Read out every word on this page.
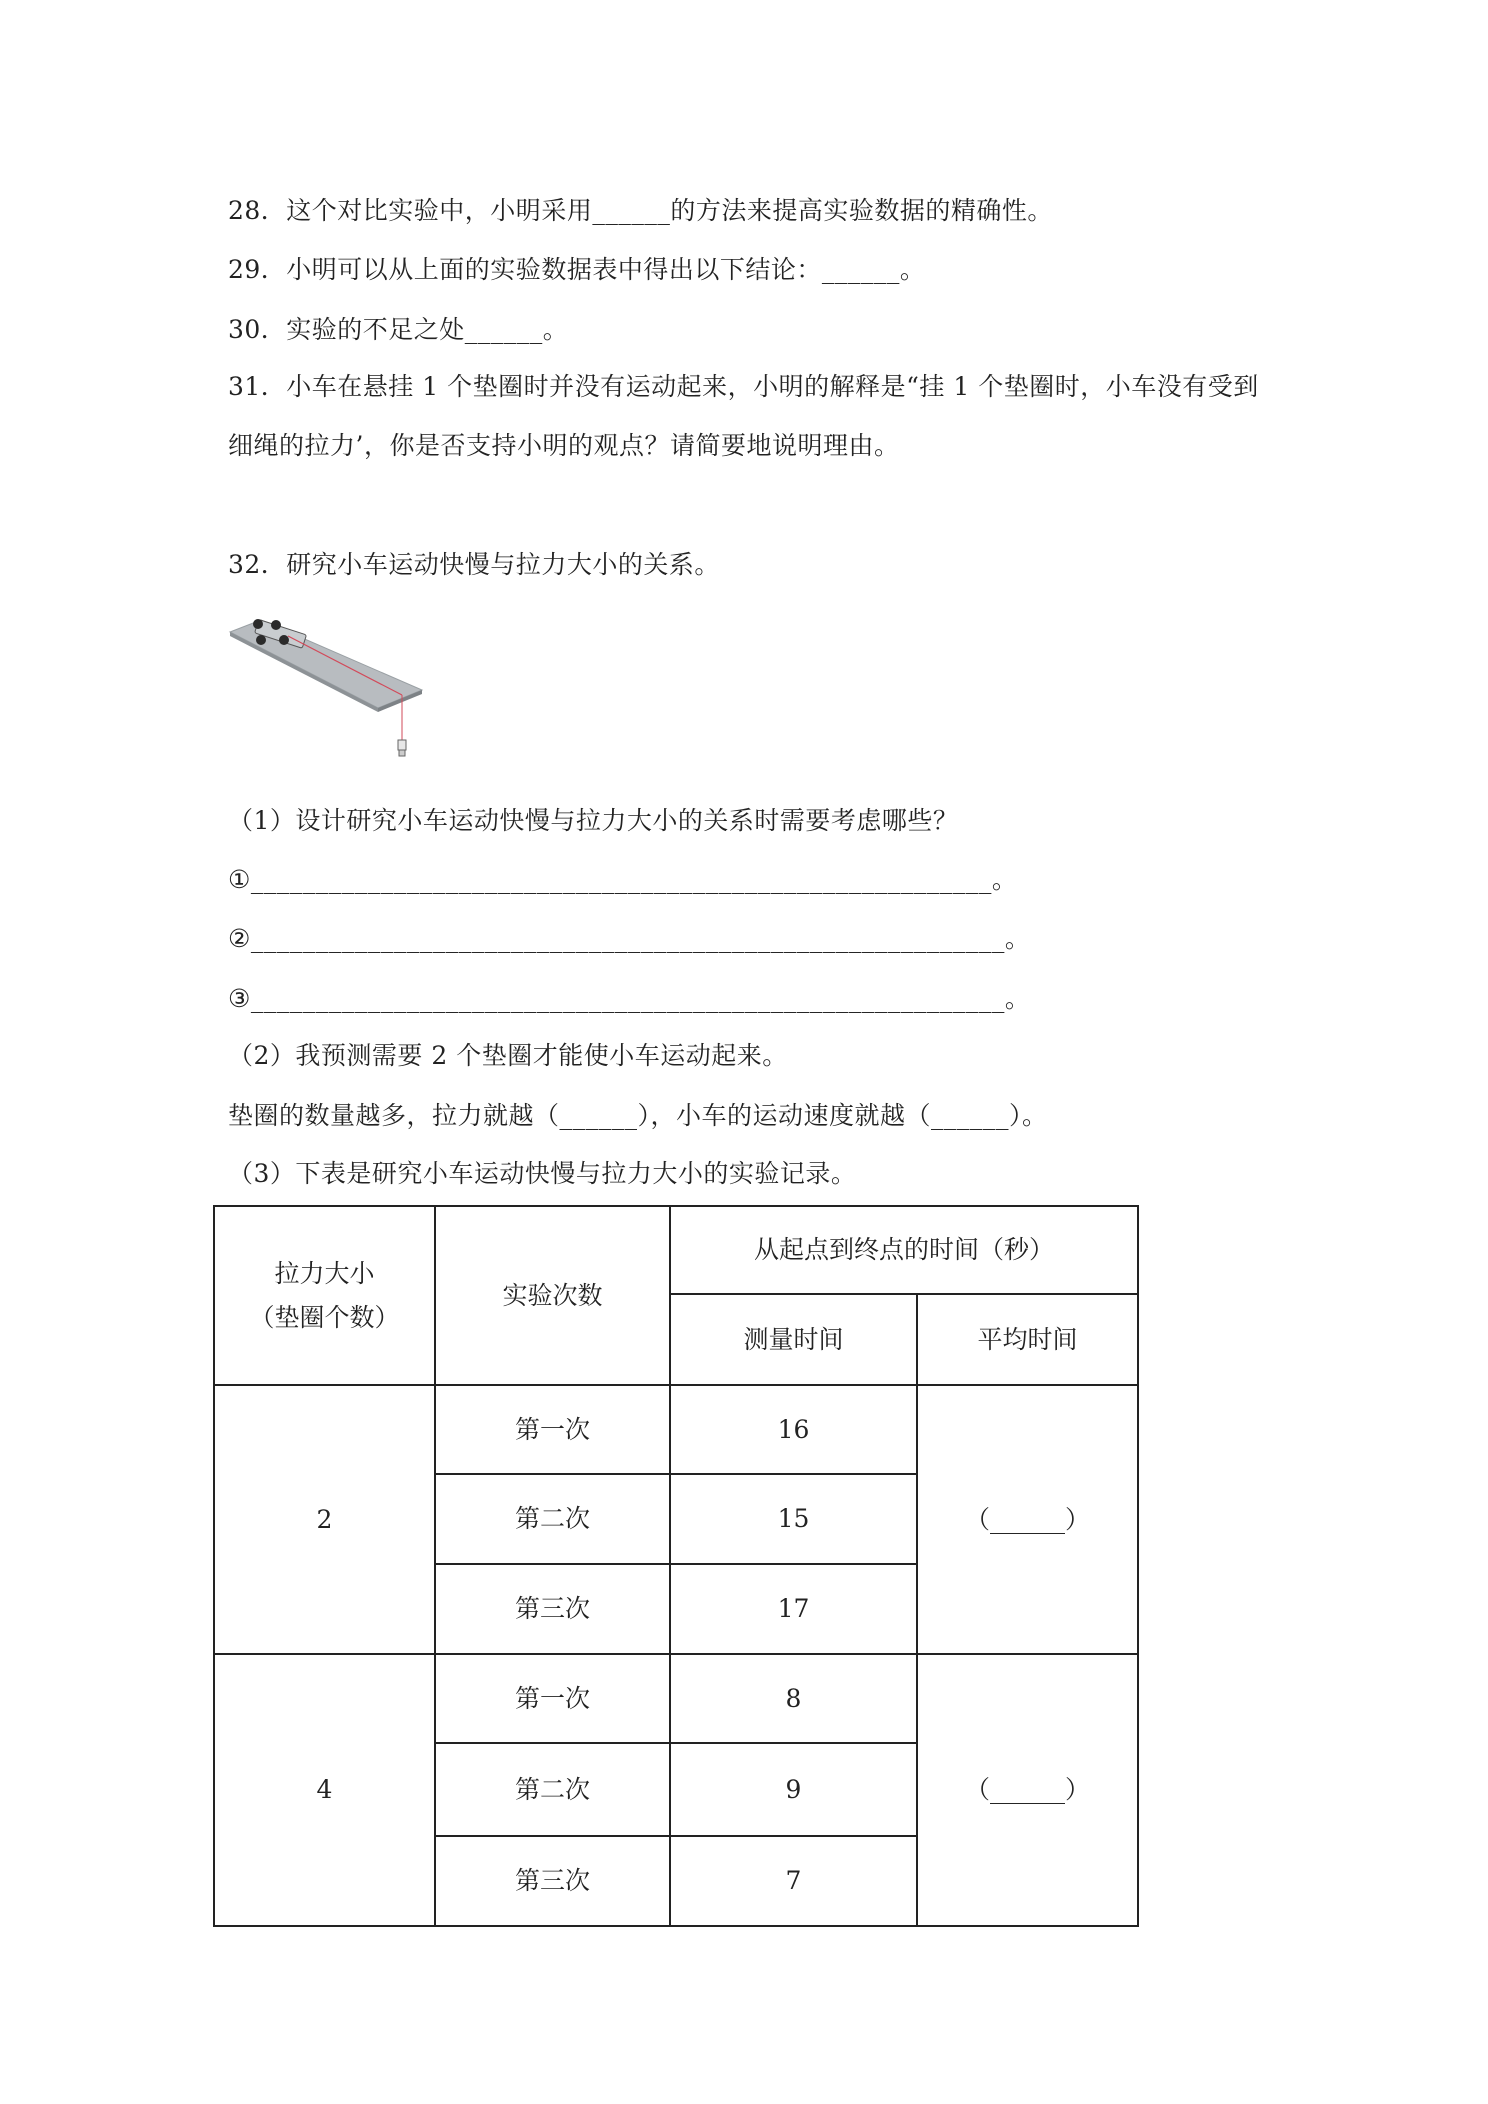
28．这个对比实验中，小明采用______的方法来提高实验数据的精确性。
29．小明可以从上面的实验数据表中得出以下结论：______。
30．实验的不足之处______。
31．小车在悬挂 1 个垫圈时并没有运动起来，小明的解释是“挂 1 个垫圈时，小车没有受到
细绳的拉力’，你是否支持小明的观点？请简要地说明理由。
32．研究小车运动快慢与拉力大小的关系。
（1）设计研究小车运动快慢与拉力大小的关系时需要考虑哪些？
①_________________________________________________________。
②__________________________________________________________。
③__________________________________________________________。
（2）我预测需要 2 个垫圈才能使小车运动起来。
垫圈的数量越多，拉力就越（______），小车的运动速度就越（______）。
（3）下表是研究小车运动快慢与拉力大小的实验记录。
拉力大小
（垫圈个数）	实验次数	从起点到终点的时间（秒）	
		测量时间	平均时间
2	第一次	16	（______）
	第二次	15	
	第三次	17	
4	第一次	8	（______）
	第二次	9	
	第三次	7	
